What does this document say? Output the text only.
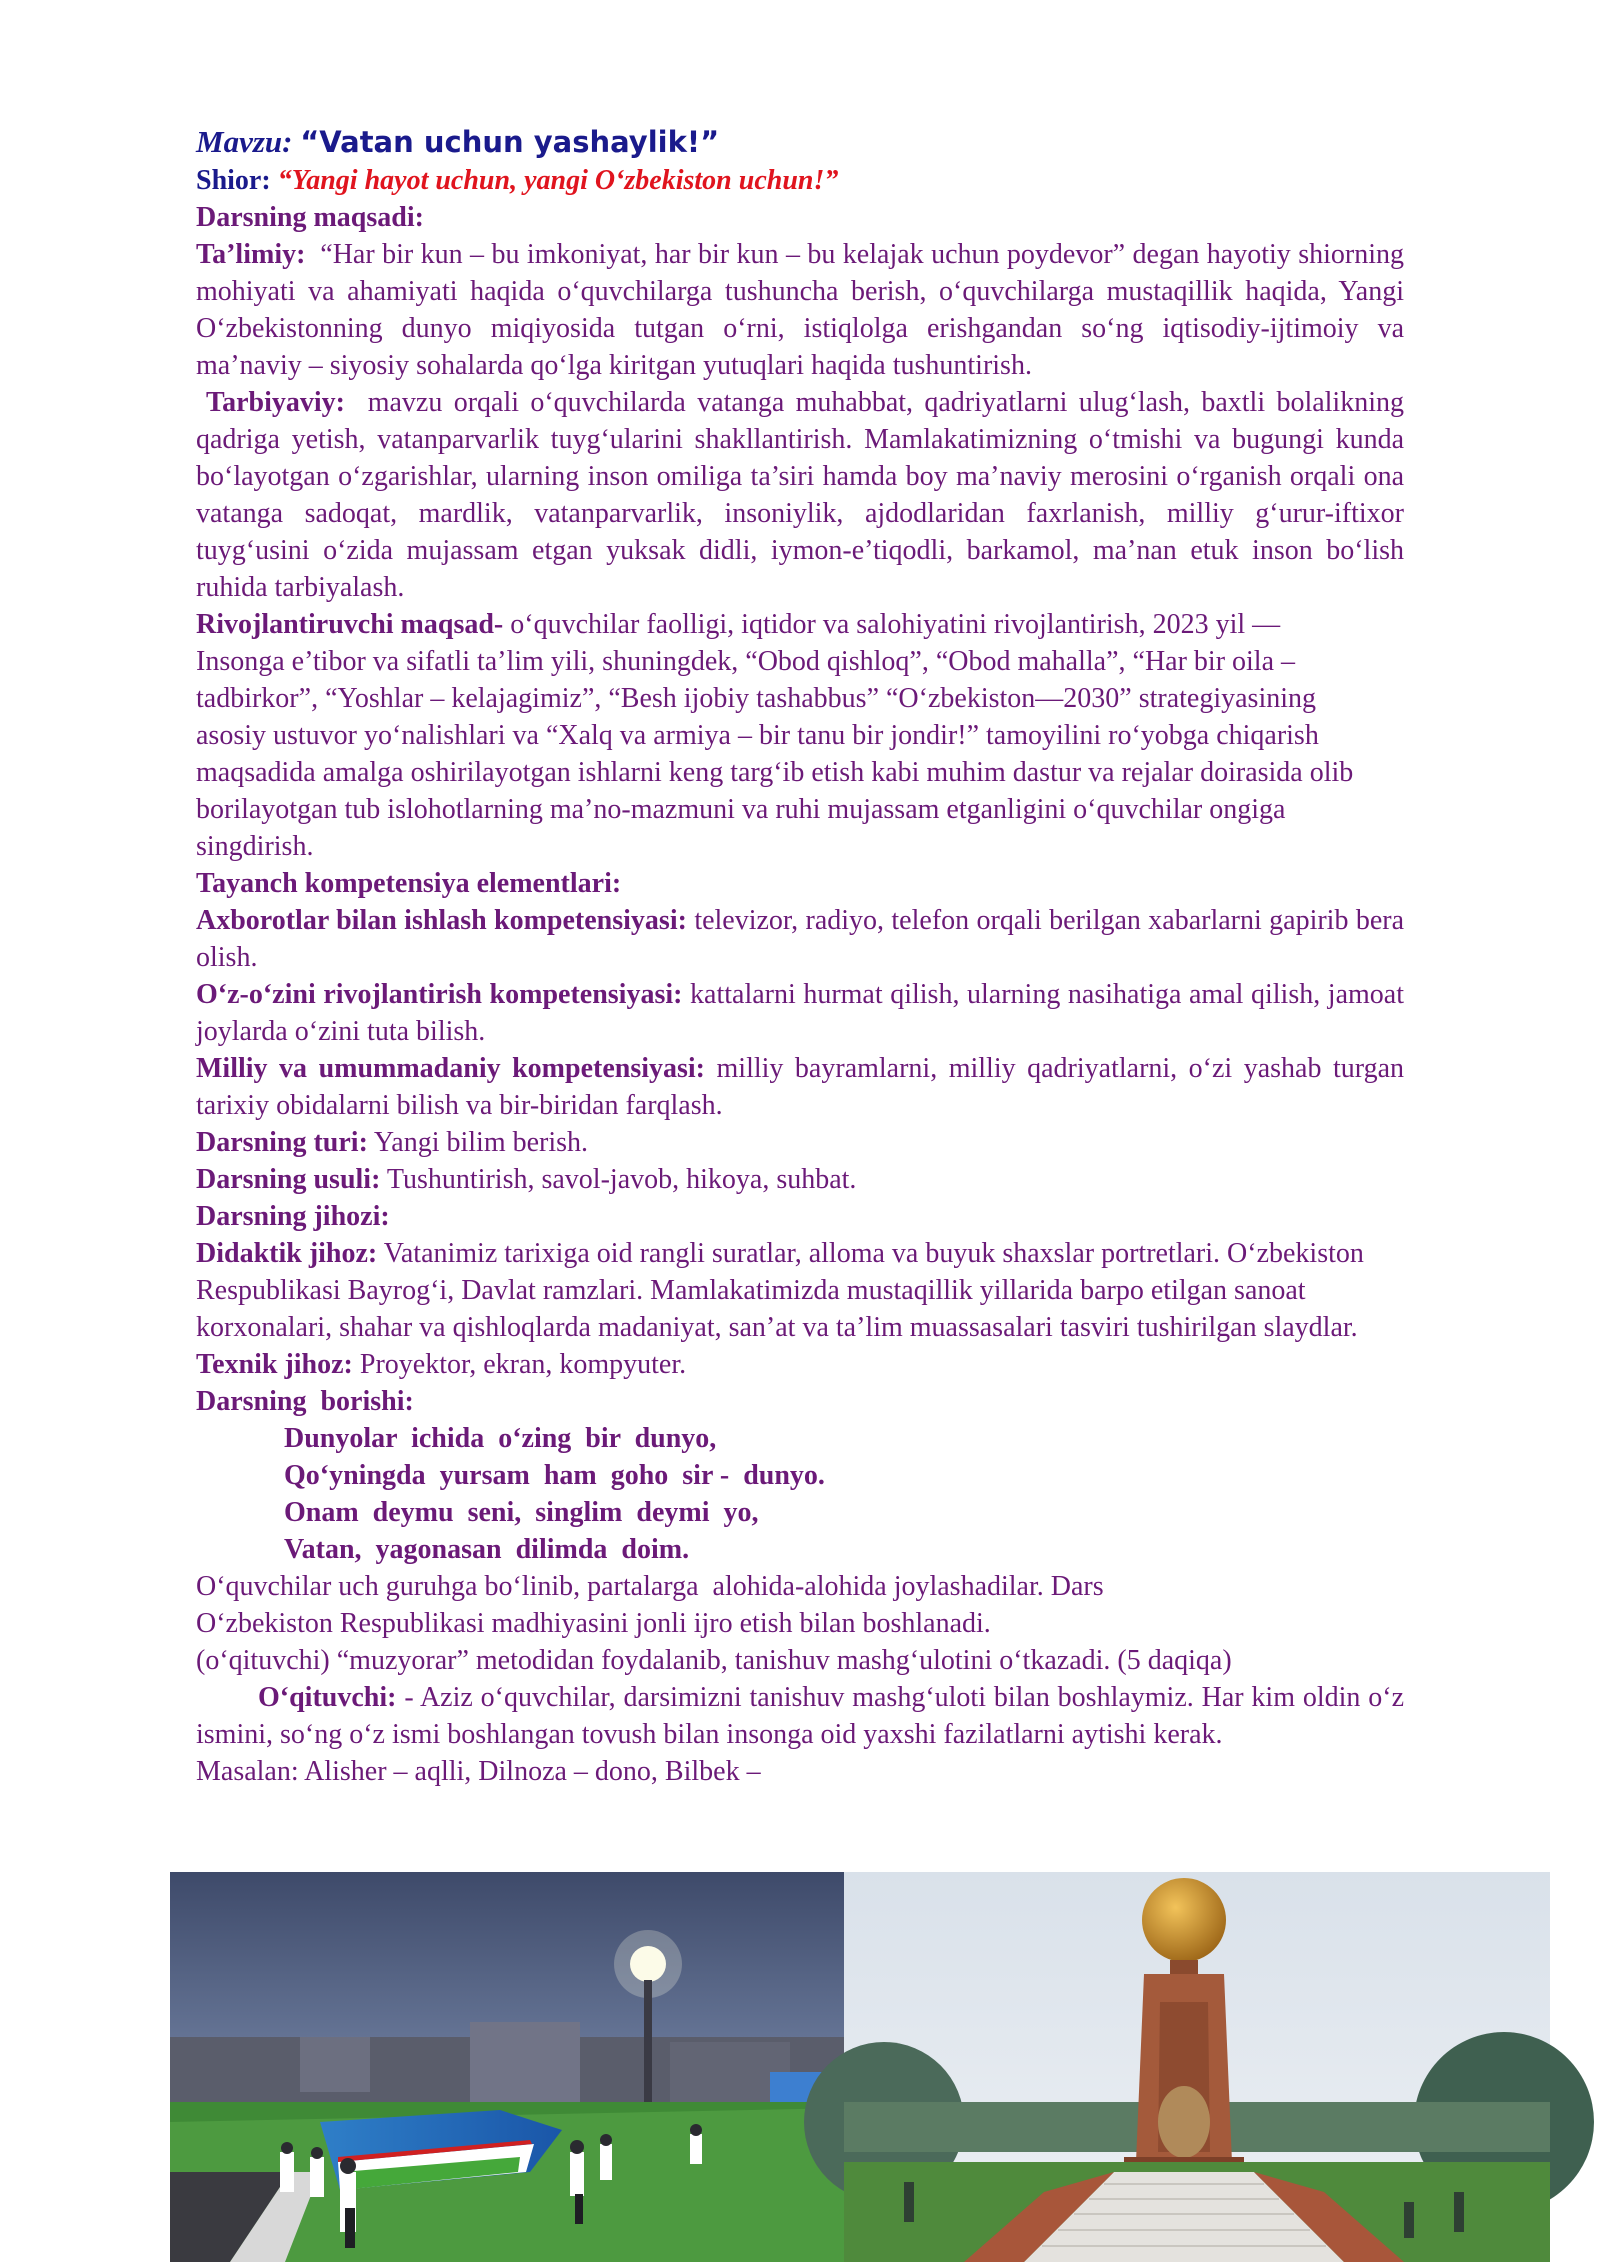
Mavzu: “Vatan uchun yashaylik!”

Shior: “Yangi hayot uchun, yangi O‘zbekiston uchun!”

Darsning maqsadi:

Ta’limiy: “Har bir kun – bu imkoniyat, har bir kun – bu kelajak uchun poydevor” degan hayotiy shiorning mohiyati va ahamiyati haqida o‘quvchilarga tushuncha berish, o‘quvchilarga mustaqillik haqida, Yangi O‘zbekistonning dunyo miqiyosida tutgan o‘rni, istiqlolga erishgandan so‘ng iqtisodiy-ijtimoiy va ma’naviy – siyosiy sohalarda qo‘lga kiritgan yutuqlari haqida tushuntirish.

Tarbiyaviy: mavzu orqali o‘quvchilarda vatanga muhabbat, qadriyatlarni ulug‘lash, baxtli bolalikning qadriga yetish, vatanparvarlik tuyg‘ularini shakllantirish. Mamlakatimizning o‘tmishi va bugungi kunda bo‘layotgan o‘zgarishlar, ularning inson omiliga ta’siri hamda boy ma’naviy merosini o‘rganish orqali ona vatanga sadoqat, mardlik, vatanparvarlik, insoniylik, ajdodlaridan faxrlanish, milliy g‘urur-iftixor tuyg‘usini o‘zida mujassam etgan yuksak didli, iymon-e’tiqodli, barkamol, ma’nan etuk inson bo‘lish ruhida tarbiyalash.

Rivojlantiruvchi maqsad- o‘quvchilar faolligi, iqtidor va salohiyatini rivojlantirish, 2023 yil — Insonga e’tibor va sifatli ta’lim yili, shuningdek, “Obod qishloq”, “Obod mahalla”, “Har bir oila – tadbirkor”, “Yoshlar – kelajagimiz”, “Besh ijobiy tashabbus” “O‘zbekiston—2030” strategiyasining asosiy ustuvor yo‘nalishlari va “Xalq va armiya – bir tanu bir jondir!” tamoyilini ro‘yobga chiqarish maqsadida amalga oshirilayotgan ishlarni keng targ‘ib etish kabi muhim dastur va rejalar doirasida olib borilayotgan tub islohotlarning ma’no-mazmuni va ruhi mujassam etganligini o‘quvchilar ongiga singdirish.

Tayanch kompetensiya elementlari:

Axborotlar bilan ishlash kompetensiyasi: televizor, radiyo, telefon orqali berilgan xabarlarni gapirib bera olish.

O‘z-o‘zini rivojlantirish kompetensiyasi: kattalarni hurmat qilish, ularning nasihatiga amal qilish, jamoat joylarda o‘zini tuta bilish.

Milliy va umummadaniy kompetensiyasi: milliy bayramlarni, milliy qadriyatlarni, o‘zi yashab turgan tarixiy obidalarni bilish va bir-biridan farqlash.

Darsning turi: Yangi bilim berish.

Darsning usuli: Tushuntirish, savol-javob, hikoya, suhbat.

Darsning jihozi:

Didaktik jihoz: Vatanimiz tarixiga oid rangli suratlar, alloma va buyuk shaxslar portretlari. O‘zbekiston Respublikasi Bayrog‘i, Davlat ramzlari. Mamlakatimizda mustaqillik yillarida barpo etilgan sanoat korxonalari, shahar va qishloqlarda madaniyat, san’at va ta’lim muassasalari tasviri tushirilgan slaydlar.

Texnik jihoz: Proyektor, ekran, kompyuter.

Darsning  borishi:

Dunyolar  ichida  o‘zing  bir  dunyo,

Qo‘yningda  yursam  ham  goho  sir -  dunyo.

Onam  deymu  seni,  singlim  deymi  yo,

Vatan,  yagonasan  dilimda  doim.

O‘quvchilar uch guruhga bo‘linib, partalarga  alohida-alohida joylashadilar. Dars

O‘zbekiston Respublikasi madhiyasini jonli ijro etish bilan boshlanadi.

(o‘qituvchi) “muzyorar” metodidan foydalanib, tanishuv mashg‘ulotini o‘tkazadi. (5 daqiqa)

O‘qituvchi: - Aziz o‘quvchilar, darsimizni tanishuv mashg‘uloti bilan boshlaymiz. Har kim oldin o‘z ismini, so‘ng o‘z ismi boshlangan tovush bilan insonga oid yaxshi fazilatlarni aytishi kerak.

Masalan: Alisher – aqlli, Dilnoza – dono, Bilbek –
